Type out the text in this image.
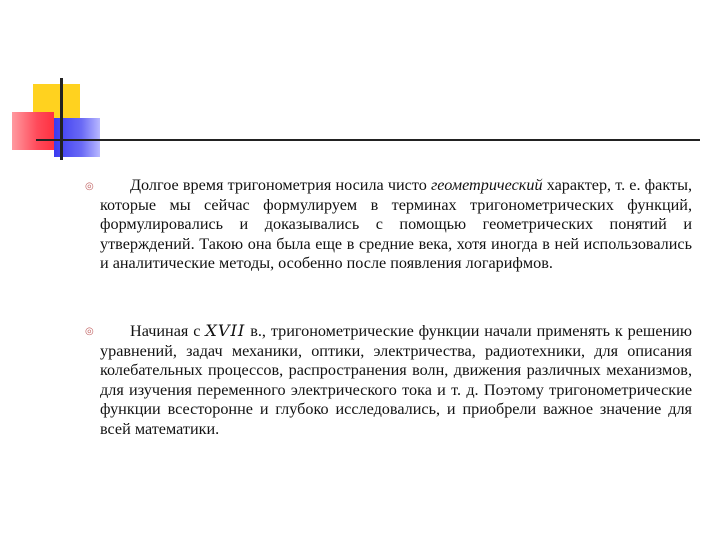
◎ Долгое время тригонометрия носила чисто геометрический характер, т. е. факты, которые мы сейчас формулируем в терминах тригонометрических функций, формулировались и доказывались с помощью геометрических понятий и утверждений. Такою она была еще в средние века, хотя иногда в ней использовались и аналитические методы, особенно после появления логарифмов.
◎ Начиная с XVII в., тригонометрические функции начали применять к решению уравнений, задач механики, оптики, электричества, радиотехники, для описания колебательных процессов, распространения волн, движения различных механизмов, для изучения переменного электрического тока и т. д. Поэтому тригонометрические функции всесторонне и глубоко исследовались, и приобрели важное значение для всей математики.
